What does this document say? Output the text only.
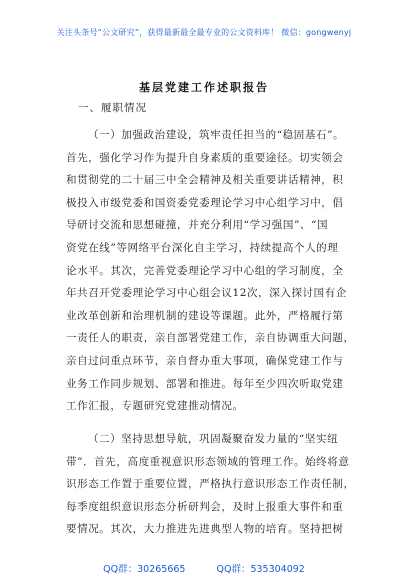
关注头条号“公文研究”，获得最新最全最专业的公文资料库！ 微信：gongwenyj
基层党建工作述职报告
一、履职情况
（一）加强政治建设，筑牢责任担当的“稳固基石”。
首先，强化学习作为提升自身素质的重要途径。切实领会
和贯彻党的二十届三中全会精神及相关重要讲话精神，积
极投入市级党委和国资委党委理论学习中心组学习中，倡
导研讨交流和思想碰撞，并充分利用“学习强国”、“国
资党在线”等网络平台深化自主学习，持续提高个人的理
论水平。其次，完善党委理论学习中心组的学习制度，全
年共召开党委理论学习中心组会议12次，深入探讨国有企
业改革创新和治理机制的建设等课题。此外，严格履行第
一责任人的职责，亲自部署党建工作，亲自协调重大问题，
亲自过问重点环节，亲自督办重大事项，确保党建工作与
业务工作同步规划、部署和推进。每年至少四次听取党建
工作汇报，专题研究党建推动情况。
（二）坚持思想导航，巩固凝聚奋发力量的“坚实纽
带”．首先，高度重视意识形态领域的管理工作。始终将意
识形态工作置于重要位置，严格执行意识形态工作责任制，
每季度组织意识形态分析研判会，及时上报重大事件和重
要情况。其次，大力推进先进典型人物的培育。坚持把树
QQ群：30265665	QQ群：535304092
